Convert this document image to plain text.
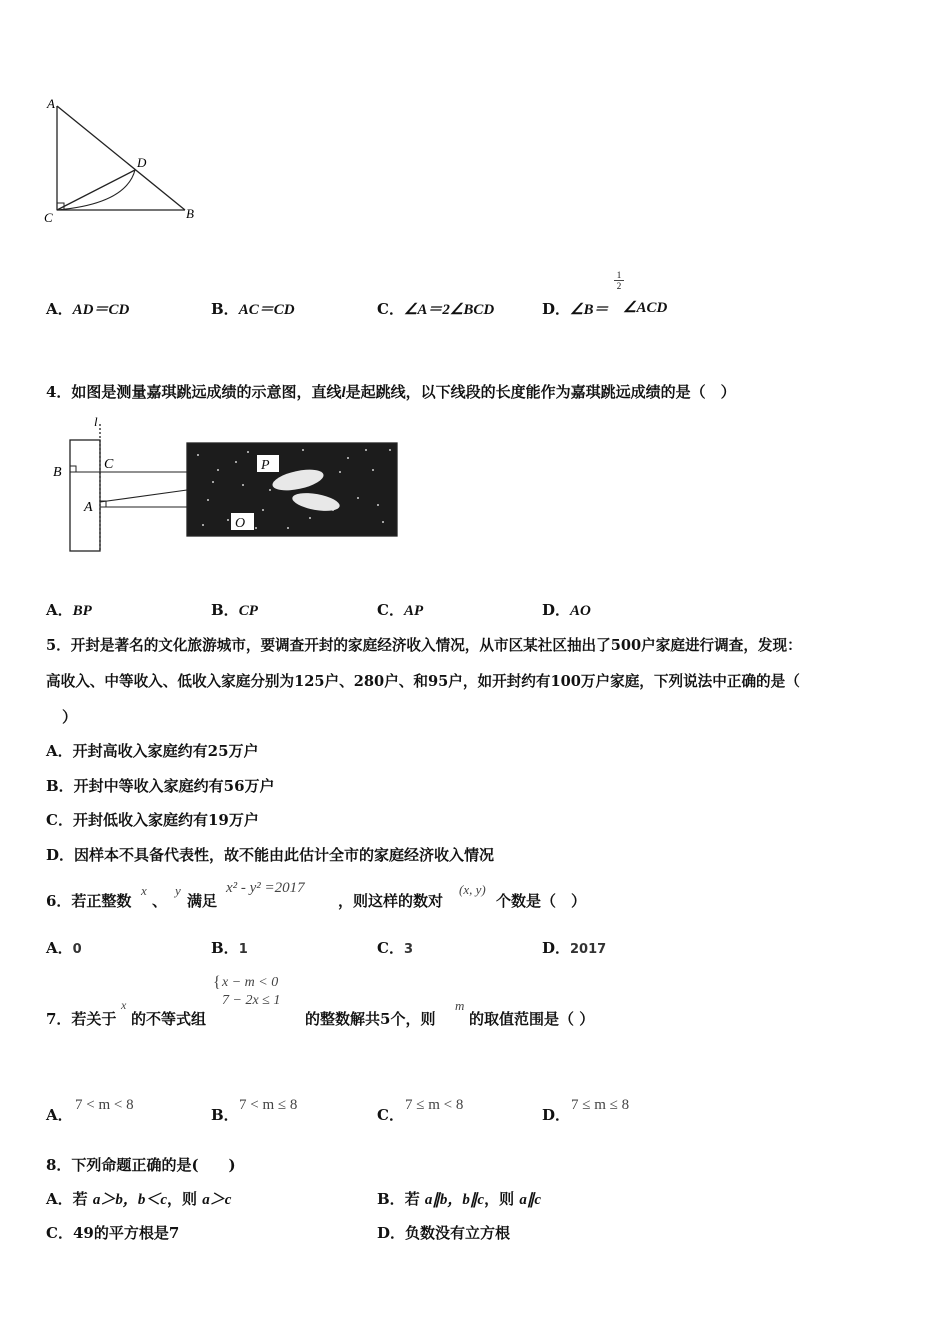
A
D
C	B
A．AD＝CD	B．AC＝CD	C．∠A＝2∠BCD	D．∠B＝
1
2
∠ACD
4．如图是测量嘉琪跳远成绩的示意图，直线l是起跳线，以下线段的长度能作为嘉琪跳远成绩的是（　）
l
B
C
A
P
O
A．BP	B．CP	C．AP	D．AO
5．开封是著名的文化旅游城市，要调查开封的家庭经济收入情况，从市区某社区抽出了500户家庭进行调查，发现：
高收入、中等收入、低收入家庭分别为125户、280户、和95户，如开封约有100万户家庭，下列说法中正确的是（
）
A．开封高收入家庭约有25万户
B．开封中等收入家庭约有56万户
C．开封低收入家庭约有19万户
D．因样本不具备代表性，故不能由此估计全市的家庭经济收入情况
6．若正整数
x
、
y
满足
x² - y² =2017
，则这样的数对
(x, y)
个数是（　）
A．0	B．1	C．3	D．2017
7．若关于
x
的不等式组
{ x − m < 0
7 − 2x ≤ 1
的整数解共5个，则
m
的取值范围是（ ）
A．
7 < m < 8
B．
7 < m ≤ 8
C．
7 ≤ m < 8
D．
7 ≤ m ≤ 8
8．下列命题正确的是(　　)
A．若 a＞b，b＜c，则 a＞c	B．若 a∥b，b∥c，则 a∥c
C．49的平方根是7	D．负数没有立方根
